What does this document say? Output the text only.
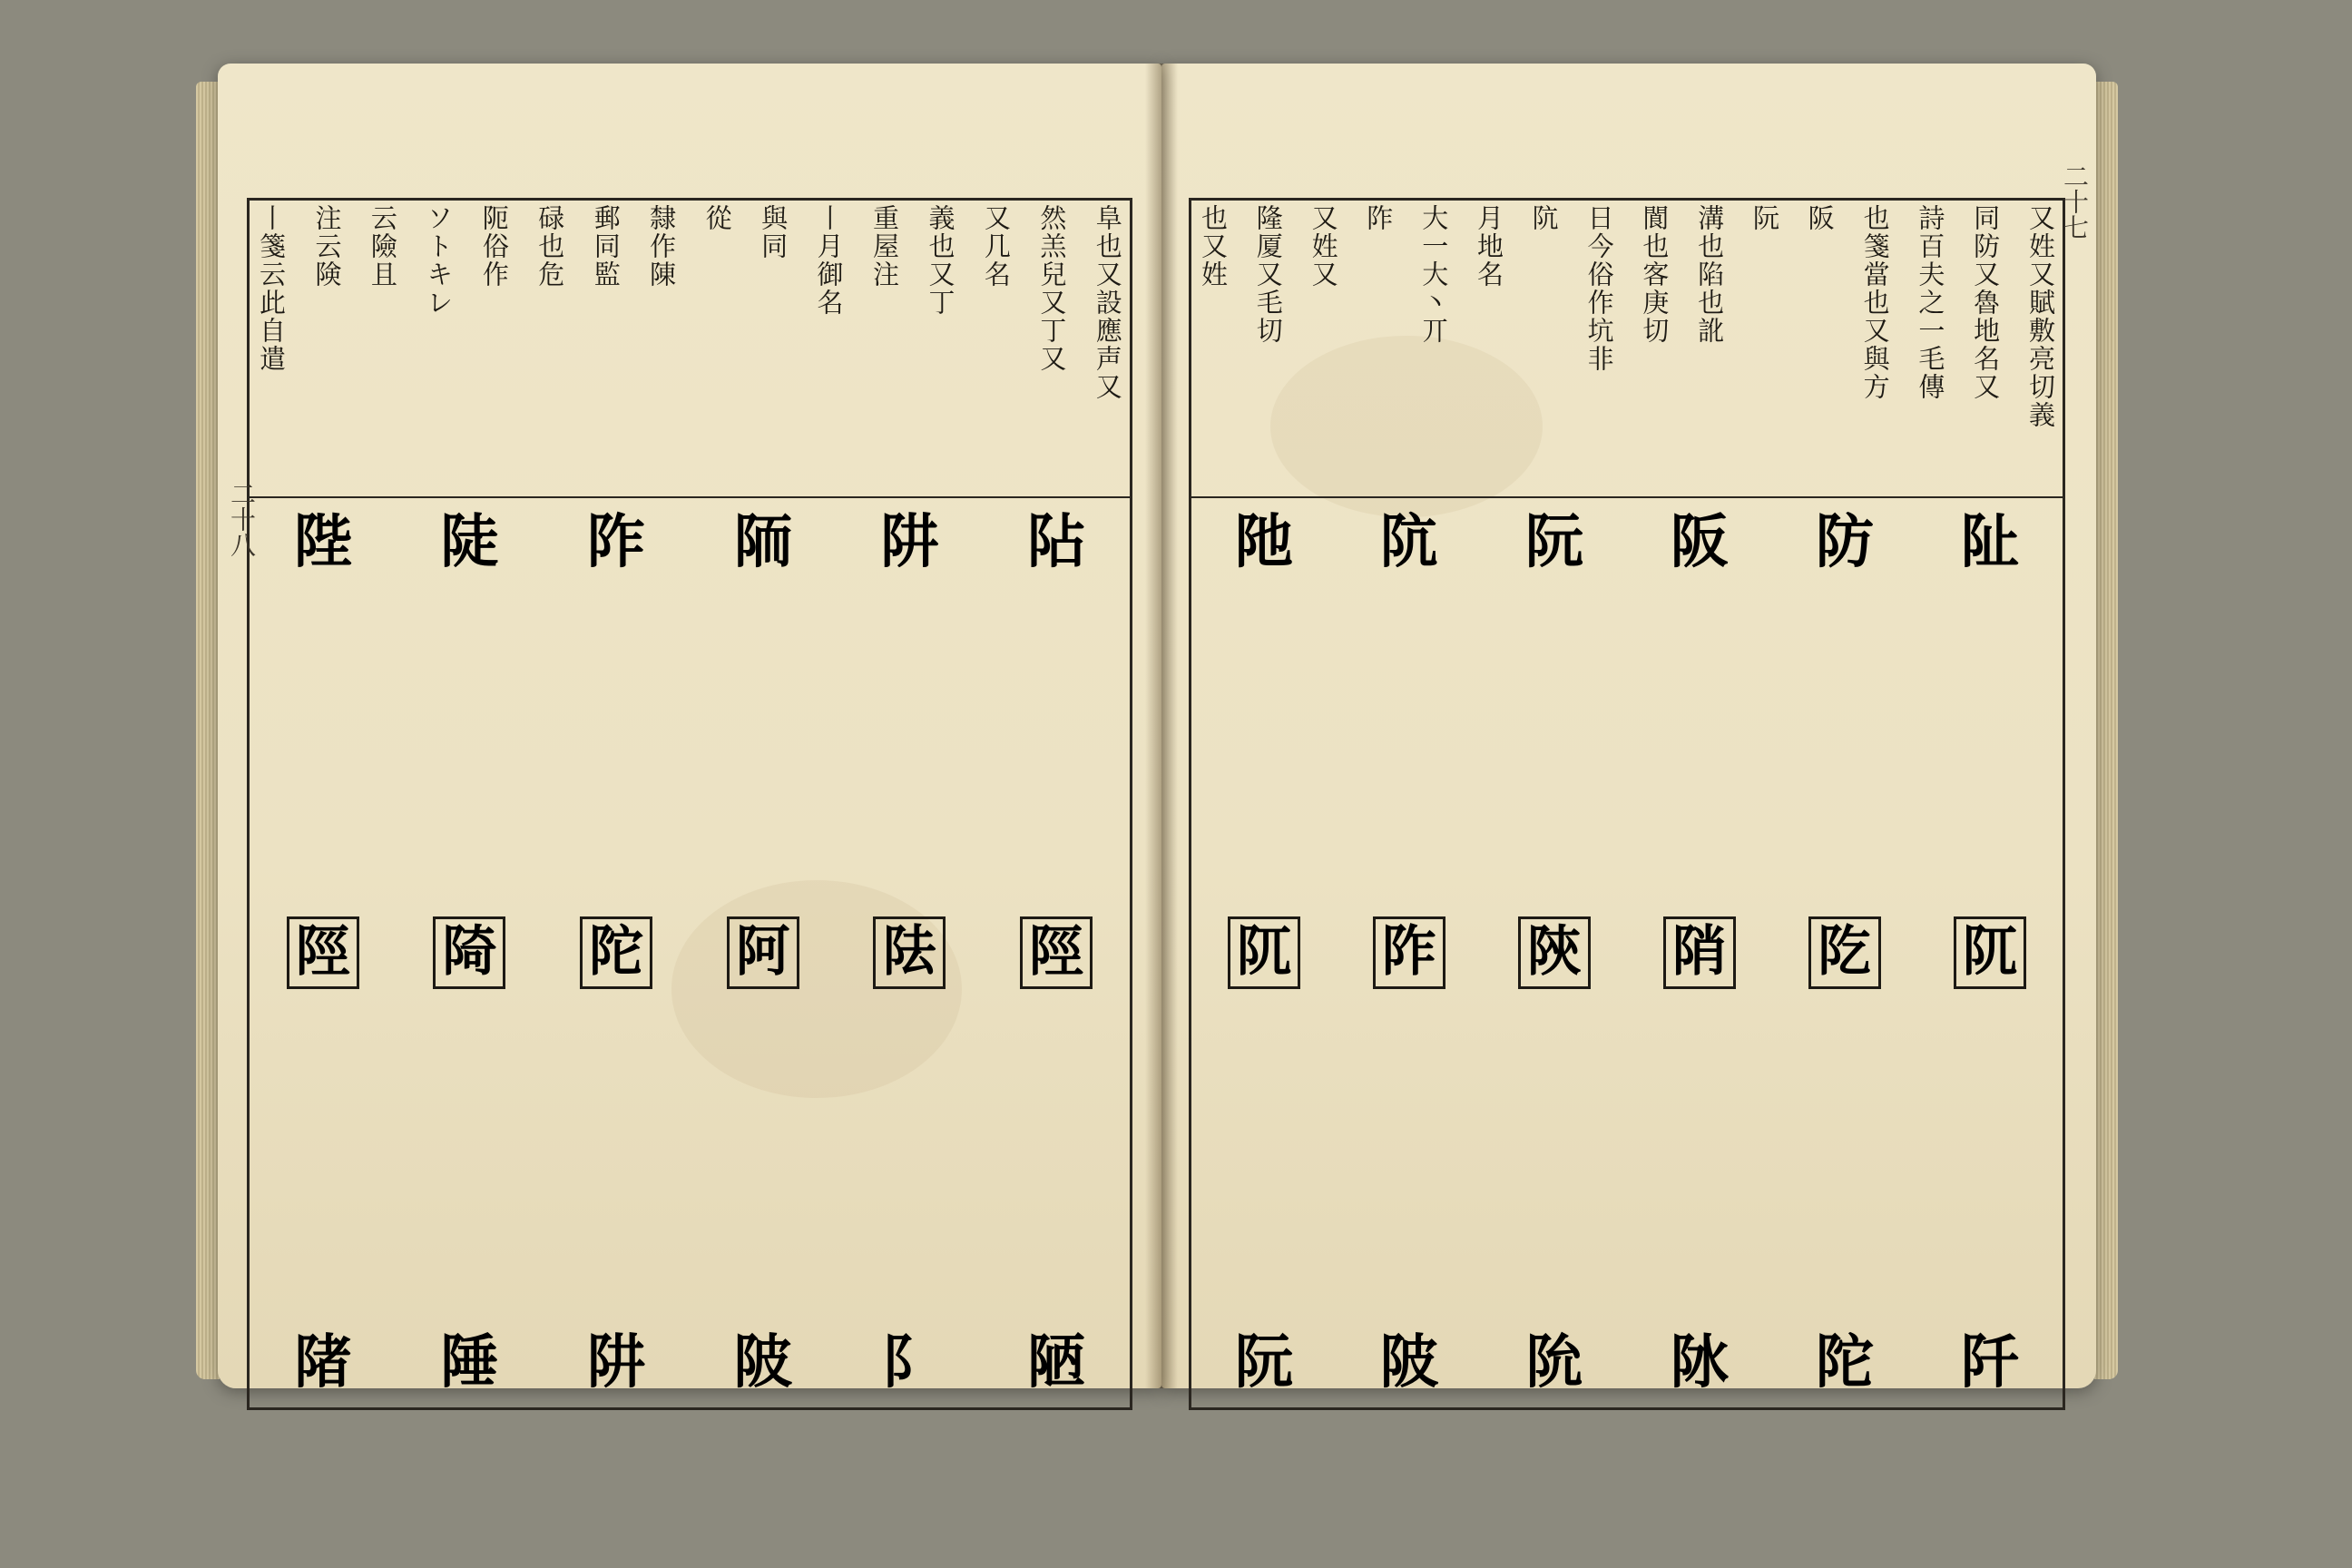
又姓又賦敷亮切義
同防又魯地名又
詩百夫之一毛傳
也箋當也又與方
阪
阮
溝也陷也訛
閬也客庚切
日今俗作坑非
阬
月地名
大一大丶丌
阼
又姓又
隆厦又毛切
也又姓
阯
阢
阡
防
阣
陀
阪
陗
阥
阮
陝
阭
阬
阼
陂
阤
阢
阮
二十七
阜也又設應声又
然羔兒又丁又
又几名
義也又丁
重屋注
丨月御名
與同
從
隸作陳
郵同監
碌也危
阨俗作
ソトキレ
云險且
注云険
丨箋云此自遣
阽
陘
陋
阱
阹
阝
陑
阿
陂
阼
陀
阱
陡
陭
陲
陛
陘
陼
二十八
